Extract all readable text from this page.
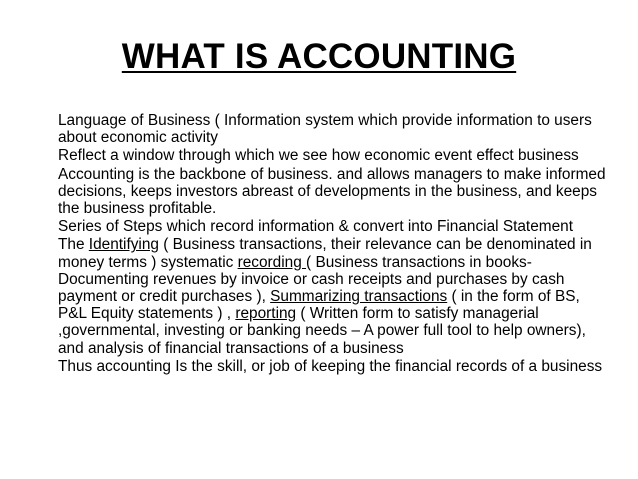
WHAT IS ACCOUNTING

Language of Business ( Information system which provide information to users about economic activity

Reflect a window through which we see how economic event effect business

Accounting is the backbone of business. and allows managers to make informed decisions, keeps investors abreast of developments in the business, and keeps the business profitable.

Series of Steps which record information & convert into Financial Statement

The Identifying ( Business transactions, their relevance can be denominated in money terms ) systematic recording ( Business transactions in books- Documenting revenues by invoice or cash receipts and purchases by cash payment or credit purchases ), Summarizing transactions ( in the form of BS, P&L Equity statements ) , reporting ( Written form to satisfy managerial ,governmental, investing or banking needs – A power full tool to help owners), and analysis of financial transactions of a business

Thus accounting Is the skill, or job of keeping the financial records of a business
